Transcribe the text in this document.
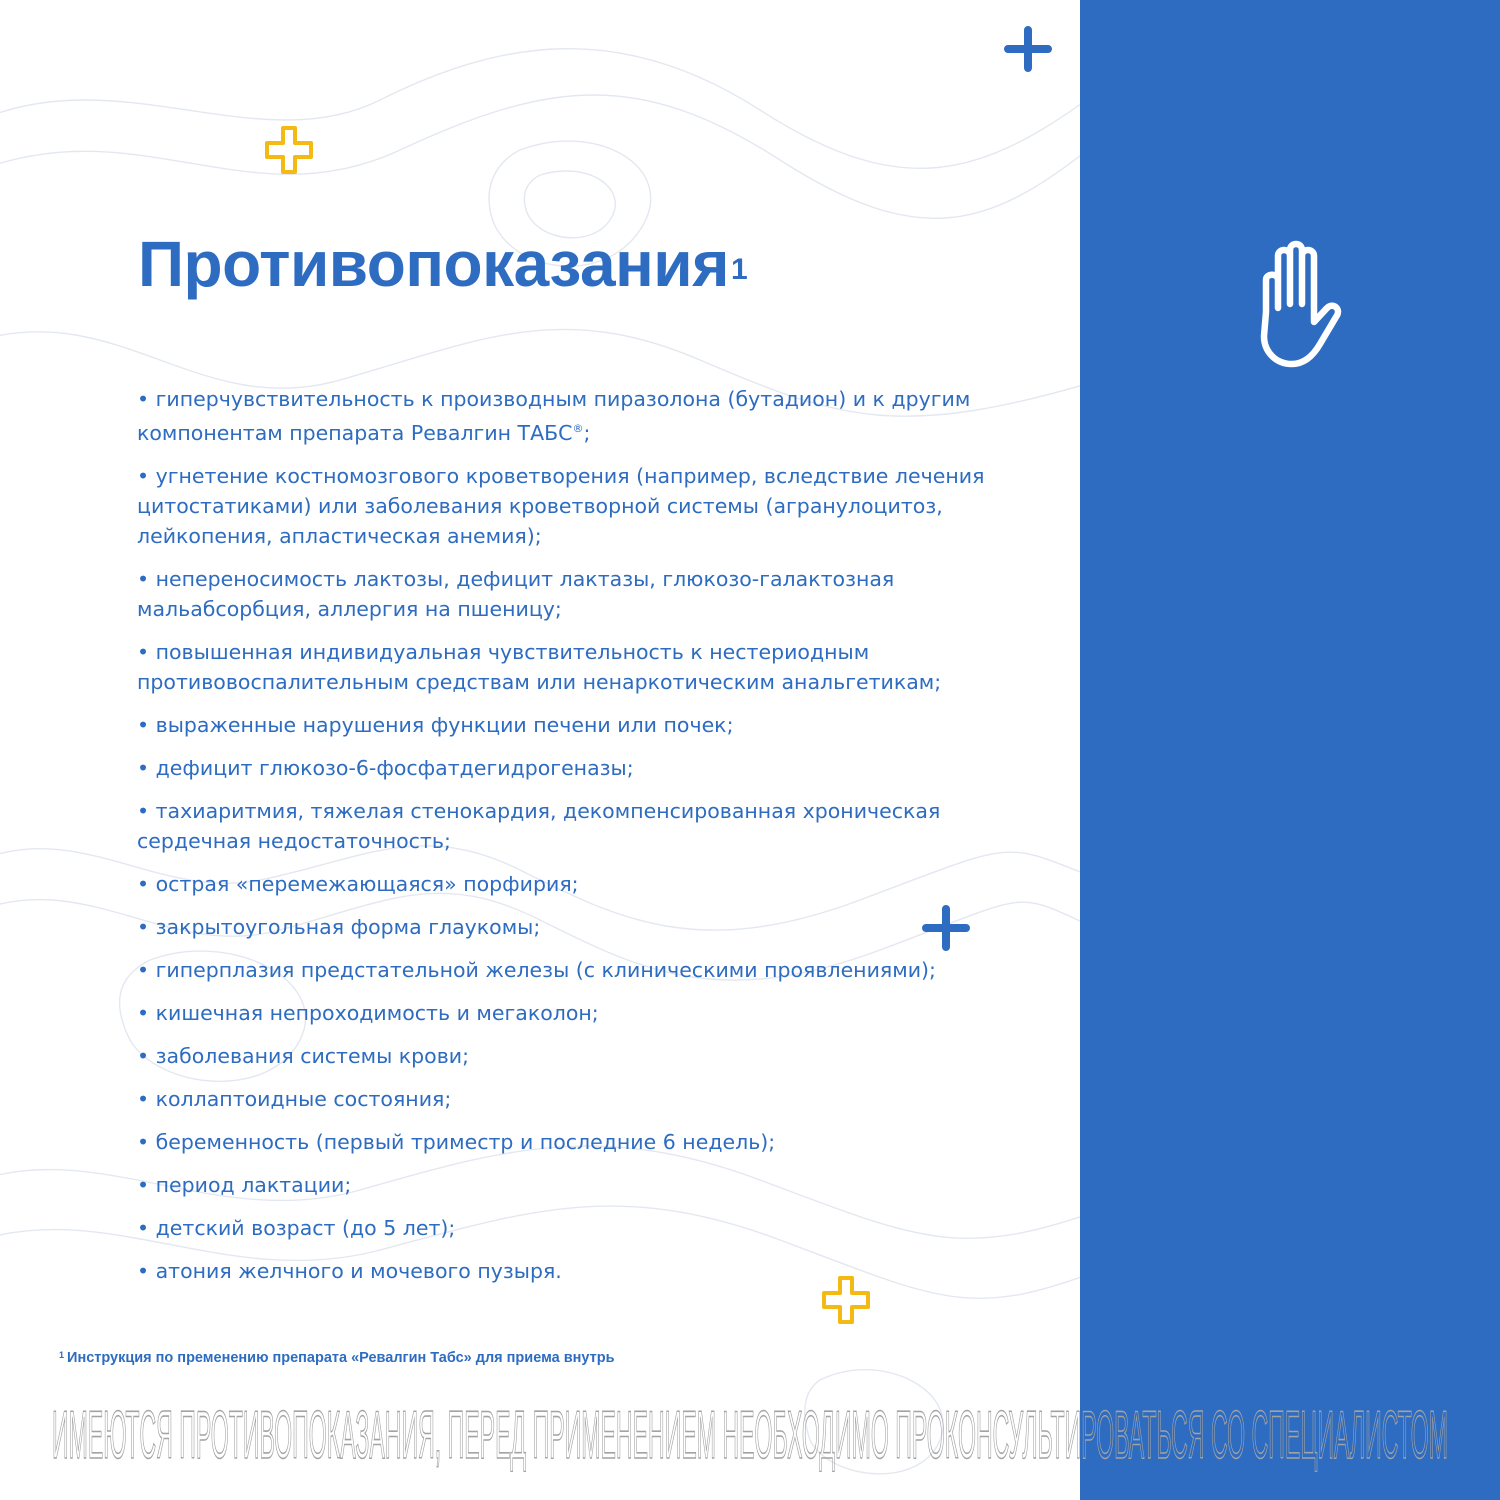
Противопоказания$^1$
• гиперчувствительность к производным пиразолона (бутадион) и к другим компонентам препарата Ревалгин ТАБС®;
• угнетение костномозгового кроветворения (например, вследствие лечения цитостатиками) или заболевания кроветворной системы (агранулоцитоз, лейкопения, апластическая анемия);
• непереносимость лактозы, дефицит лактазы, глюкозо-галактозная мальабсорбция, аллергия на пшеницу;
• повышенная индивидуальная чувствительность к нестериодным противовоспалительным средствам или ненаркотическим анальгетикам;
• выраженные нарушения функции печени или почек;
• дефицит глюкозо-6-фосфатдегидрогеназы;
• тахиаритмия, тяжелая стенокардия, декомпенсированная хроническая сердечная недостаточность;
• острая «перемежающаяся» порфирия;
• закрытоугольная форма глаукомы;
• гиперплазия предстательной железы (с клиническими проявлениями);
• кишечная непроходимость и мегаколон;
• заболевания системы крови;
• коллаптоидные состояния;
• беременность (первый триместр и последние 6 недель);
• период лактации;
• детский возраст (до 5 лет);
• атония желчного и мочевого пузыря.
$^1$ Инструкция по пременению препарата «Ревалгин Табс» для приема внутрь
ИМЕЮТСЯ ПРОТИВОПОКАЗАНИЯ, ПЕРЕД ПРИМЕНЕНИЕМ НЕОБХОДИМО ПРОКОНСУЛЬТИРОВАТЬСЯ СО СПЕЦИАЛИСТОМ
